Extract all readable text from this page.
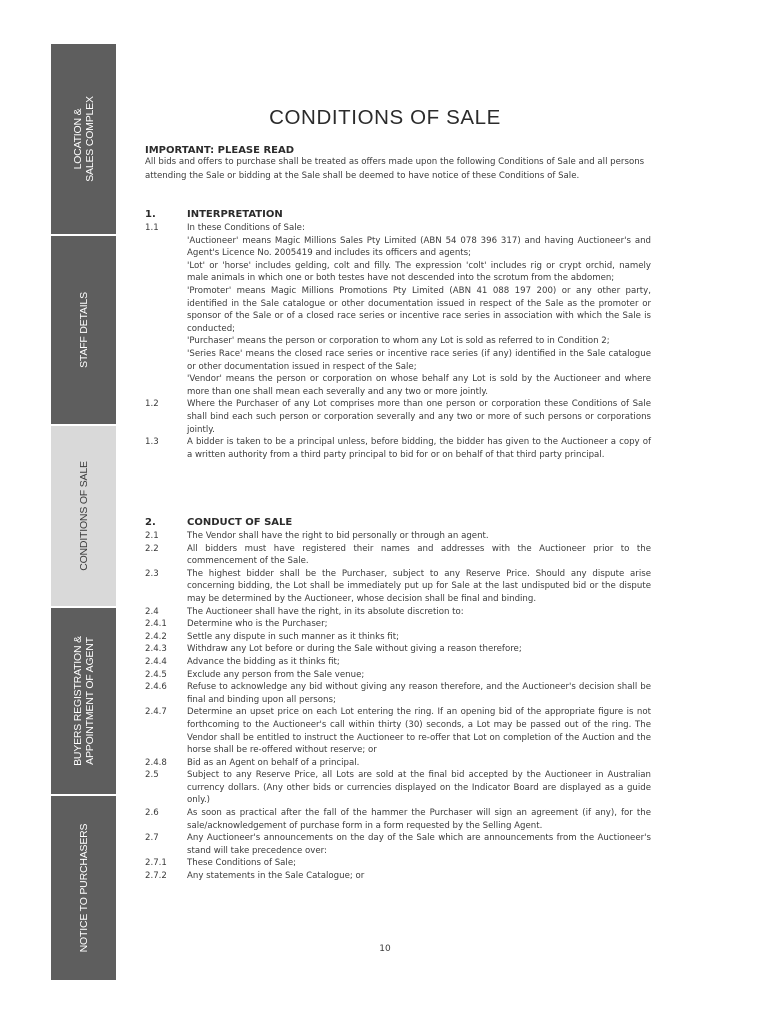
LOCATION & SALES COMPLEX
STAFF DETAILS
CONDITIONS OF SALE
BUYERS REGISTRATION & APPOINTMENT OF AGENT
NOTICE TO PURCHASERS
CONDITIONS OF SALE
IMPORTANT: PLEASE READ
All bids and offers to purchase shall be treated as offers made upon the following Conditions of Sale and all persons attending the Sale or bidding at the Sale shall be deemed to have notice of these Conditions of Sale.
1.	INTERPRETATION
1.1	In these Conditions of Sale:
'Auctioneer' means Magic Millions Sales Pty Limited (ABN 54 078 396 317) and having Auctioneer's and Agent's Licence No. 2005419 and includes its officers and agents;
'Lot' or 'horse' includes gelding, colt and filly. The expression 'colt' includes rig or crypt orchid, namely male animals in which one or both testes have not descended into the scrotum from the abdomen;
'Promoter' means Magic Millions Promotions Pty Limited (ABN 41 088 197 200) or any other party, identified in the Sale catalogue or other documentation issued in respect of the Sale as the promoter or sponsor of the Sale or of a closed race series or incentive race series in association with which the Sale is conducted;
'Purchaser' means the person or corporation to whom any Lot is sold as referred to in Condition 2;
'Series Race' means the closed race series or incentive race series (if any) identified in the Sale catalogue or other documentation issued in respect of the Sale;
'Vendor' means the person or corporation on whose behalf any Lot is sold by the Auctioneer and where more than one shall mean each severally and any two or more jointly.
1.2	Where the Purchaser of any Lot comprises more than one person or corporation these Conditions of Sale shall bind each such person or corporation severally and any two or more of such persons or corporations jointly.
1.3	A bidder is taken to be a principal unless, before bidding, the bidder has given to the Auctioneer a copy of a written authority from a third party principal to bid for or on behalf of that third party principal.
2.	CONDUCT OF SALE
2.1	The Vendor shall have the right to bid personally or through an agent.
2.2	All bidders must have registered their names and addresses with the Auctioneer prior to the commencement of the Sale.
2.3	The highest bidder shall be the Purchaser, subject to any Reserve Price. Should any dispute arise concerning bidding, the Lot shall be immediately put up for Sale at the last undisputed bid or the dispute may be determined by the Auctioneer, whose decision shall be final and binding.
2.4	The Auctioneer shall have the right, in its absolute discretion to:
2.4.1	Determine who is the Purchaser;
2.4.2	Settle any dispute in such manner as it thinks fit;
2.4.3	Withdraw any Lot before or during the Sale without giving a reason therefore;
2.4.4	Advance the bidding as it thinks fit;
2.4.5	Exclude any person from the Sale venue;
2.4.6	Refuse to acknowledge any bid without giving any reason therefore, and the Auctioneer's decision shall be final and binding upon all persons;
2.4.7	Determine an upset price on each Lot entering the ring. If an opening bid of the appropriate figure is not forthcoming to the Auctioneer's call within thirty (30) seconds, a Lot may be passed out of the ring. The Vendor shall be entitled to instruct the Auctioneer to re-offer that Lot on completion of the Auction and the horse shall be re-offered without reserve; or
2.4.8	Bid as an Agent on behalf of a principal.
2.5	Subject to any Reserve Price, all Lots are sold at the final bid accepted by the Auctioneer in Australian currency dollars. (Any other bids or currencies displayed on the Indicator Board are displayed as a guide only.)
2.6	As soon as practical after the fall of the hammer the Purchaser will sign an agreement (if any), for the sale/acknowledgement of purchase form in a form requested by the Selling Agent.
2.7	Any Auctioneer's announcements on the day of the Sale which are announcements from the Auctioneer's stand will take precedence over:
2.7.1	These Conditions of Sale;
2.7.2	Any statements in the Sale Catalogue; or
10
